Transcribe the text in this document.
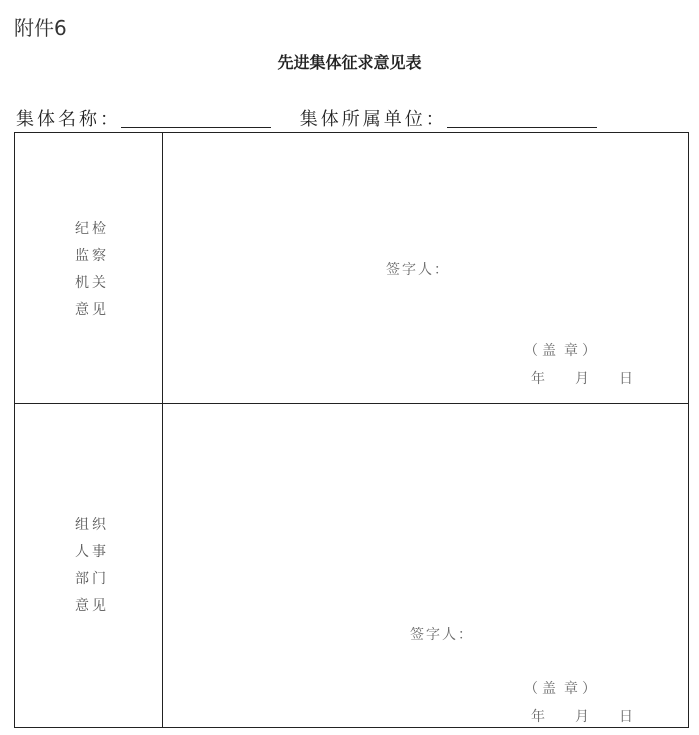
附件6
先进集体征求意见表
集体名称：	集体所属单位：
纪检
监察
机关
意见
签字人：
（ 盖 章 ）
年 月 日
组织
人事
部门
意见
签字人：
（ 盖 章 ）
年 月 日
